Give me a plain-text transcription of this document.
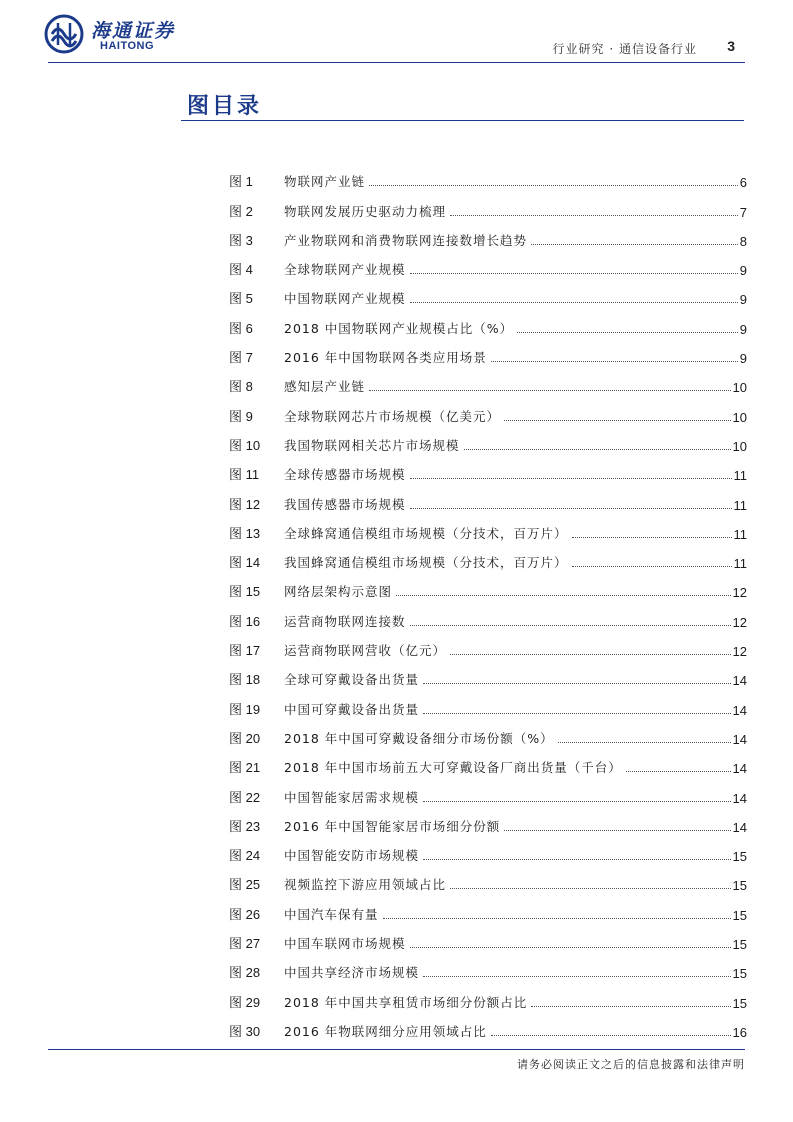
海通证券
HAITONG	行业研究 · 通信设备行业 3
图目录
图 1	物联网产业链	6
图 2	物联网发展历史驱动力梳理	7
图 3	产业物联网和消费物联网连接数增长趋势	8
图 4	全球物联网产业规模	9
图 5	中国物联网产业规模	9
图 6	2018 中国物联网产业规模占比（%）	9
图 7	2016 年中国物联网各类应用场景	9
图 8	感知层产业链	10
图 9	全球物联网芯片市场规模（亿美元）	10
图 10	我国物联网相关芯片市场规模	10
图 11	全球传感器市场规模	11
图 12	我国传感器市场规模	11
图 13	全球蜂窝通信模组市场规模（分技术，百万片）	11
图 14	我国蜂窝通信模组市场规模（分技术，百万片）	11
图 15	网络层架构示意图	12
图 16	运营商物联网连接数	12
图 17	运营商物联网营收（亿元）	12
图 18	全球可穿戴设备出货量	14
图 19	中国可穿戴设备出货量	14
图 20	2018 年中国可穿戴设备细分市场份额（%）	14
图 21	2018 年中国市场前五大可穿戴设备厂商出货量（千台）	14
图 22	中国智能家居需求规模	14
图 23	2016 年中国智能家居市场细分份额	14
图 24	中国智能安防市场规模	15
图 25	视频监控下游应用领域占比	15
图 26	中国汽车保有量	15
图 27	中国车联网市场规模	15
图 28	中国共享经济市场规模	15
图 29	2018 年中国共享租赁市场细分份额占比	15
图 30	2016 年物联网细分应用领域占比	16
请务必阅读正文之后的信息披露和法律声明
